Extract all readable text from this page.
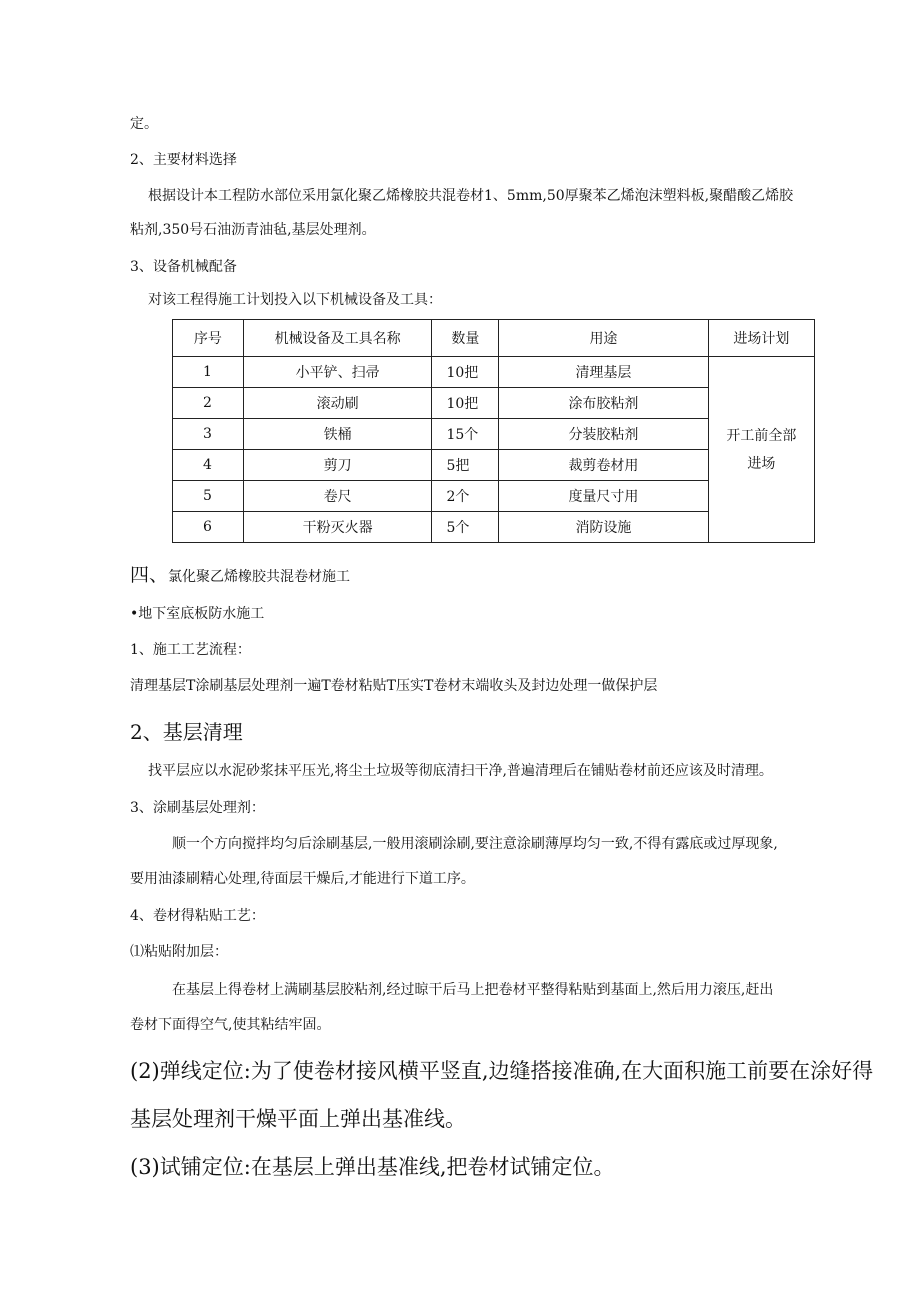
定。
2、主要材料选择
根据设计本工程防水部位采用氯化聚乙烯橡胶共混卷材1、5mm,50厚聚苯乙烯泡沫塑料板,聚醋酸乙烯胶
粘剂,350号石油沥青油毡,基层处理剂。
3、设备机械配备
对该工程得施工计划投入以下机械设备及工具：
序号	机械设备及工具名称	数量	用途	进场计划
1	小平铲、扫帚	10把	清理基层	开工前全部
进场

2	滚动刷	10把	涂布胶粘剂	
3	铁桶	15个	分装胶粘剂	
4	剪刀	5把	裁剪卷材用	
5	卷尺	2个	度量尺寸用	
6	干粉灭火器	5个	消防设施	
四、氯化聚乙烯橡胶共混卷材施工
•地下室底板防水施工
1、施工工艺流程：
清理基层T涂刷基层处理剂一遍T卷材粘贴T压实T卷材末端收头及封边处理一做保护层
2、基层清理
找平层应以水泥砂浆抹平压光,将尘土垃圾等彻底清扫干净,普遍清理后在铺贴卷材前还应该及时清理。
3、涂刷基层处理剂：
顺一个方向搅拌均匀后涂刷基层,一般用滚刷涂刷,要注意涂刷薄厚均匀一致,不得有露底或过厚现象,
要用油漆刷精心处理,待面层干燥后,才能进行下道工序。
4、卷材得粘贴工艺：
⑴粘贴附加层：
在基层上得卷材上满刷基层胶粘剂,经过晾干后马上把卷材平整得粘贴到基面上,然后用力滚压,赶出
卷材下面得空气,使其粘结牢固。
(2)弹线定位:为了使卷材接风横平竖直,边缝搭接准确,在大面积施工前要在涂好得
基层处理剂干燥平面上弹出基准线。
(3)试铺定位:在基层上弹出基准线,把卷材试铺定位。
